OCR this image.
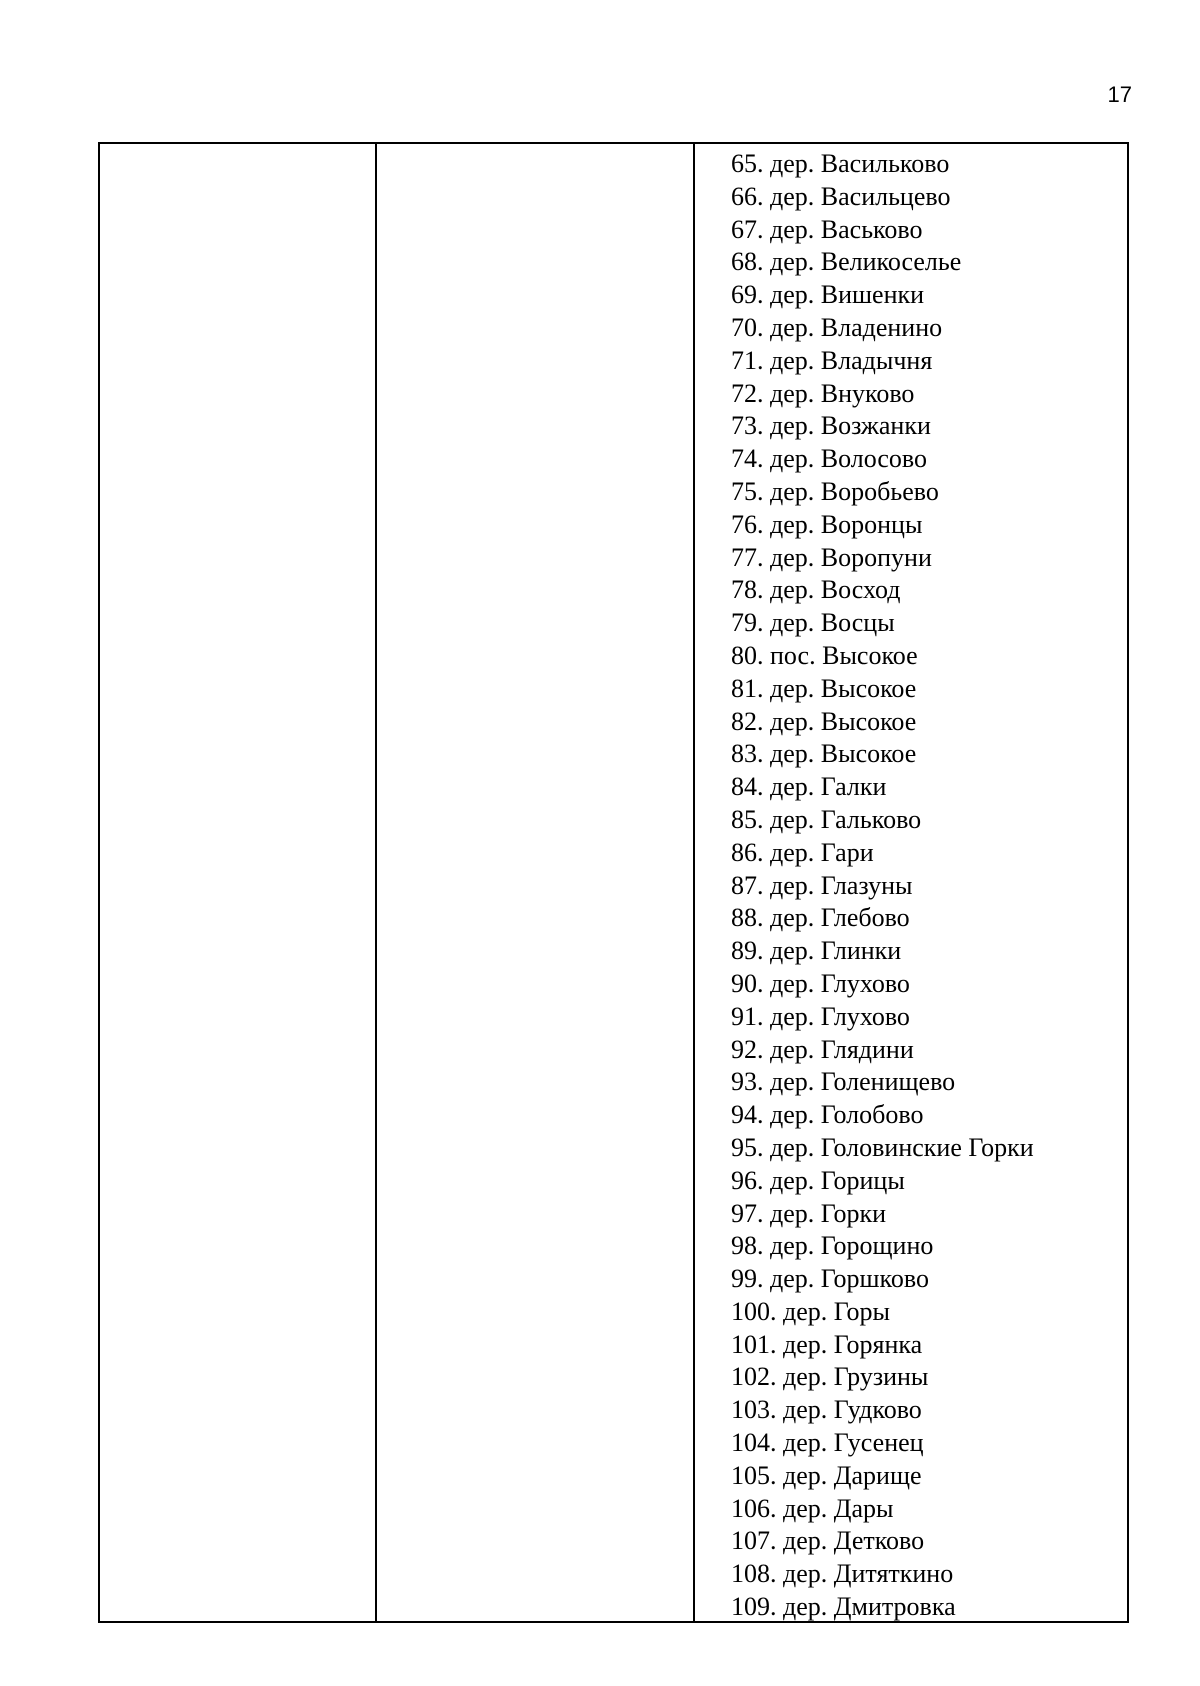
17
65. дер. Васильково
66. дер. Васильцево
67. дер. Васьково
68. дер. Великоселье
69. дер. Вишенки
70. дер. Владенино
71. дер. Владычня
72. дер. Внуково
73. дер. Возжанки
74. дер. Волосово
75. дер. Воробьево
76. дер. Воронцы
77. дер. Воропуни
78. дер. Восход
79. дер. Восцы
80. пос. Высокое
81. дер. Высокое
82. дер. Высокое
83. дер. Высокое
84. дер. Галки
85. дер. Гальково
86. дер. Гари
87. дер. Глазуны
88. дер. Глебово
89. дер. Глинки
90. дер. Глухово
91. дер. Глухово
92. дер. Глядини
93. дер. Голенищево
94. дер. Голобово
95. дер. Головинские Горки
96. дер. Горицы
97. дер. Горки
98. дер. Горощино
99. дер. Горшково
100. дер. Горы
101. дер. Горянка
102. дер. Грузины
103. дер. Гудково
104. дер. Гусенец
105. дер. Дарище
106. дер. Дары
107. дер. Детково
108. дер. Дитяткино
109. дер. Дмитровка
